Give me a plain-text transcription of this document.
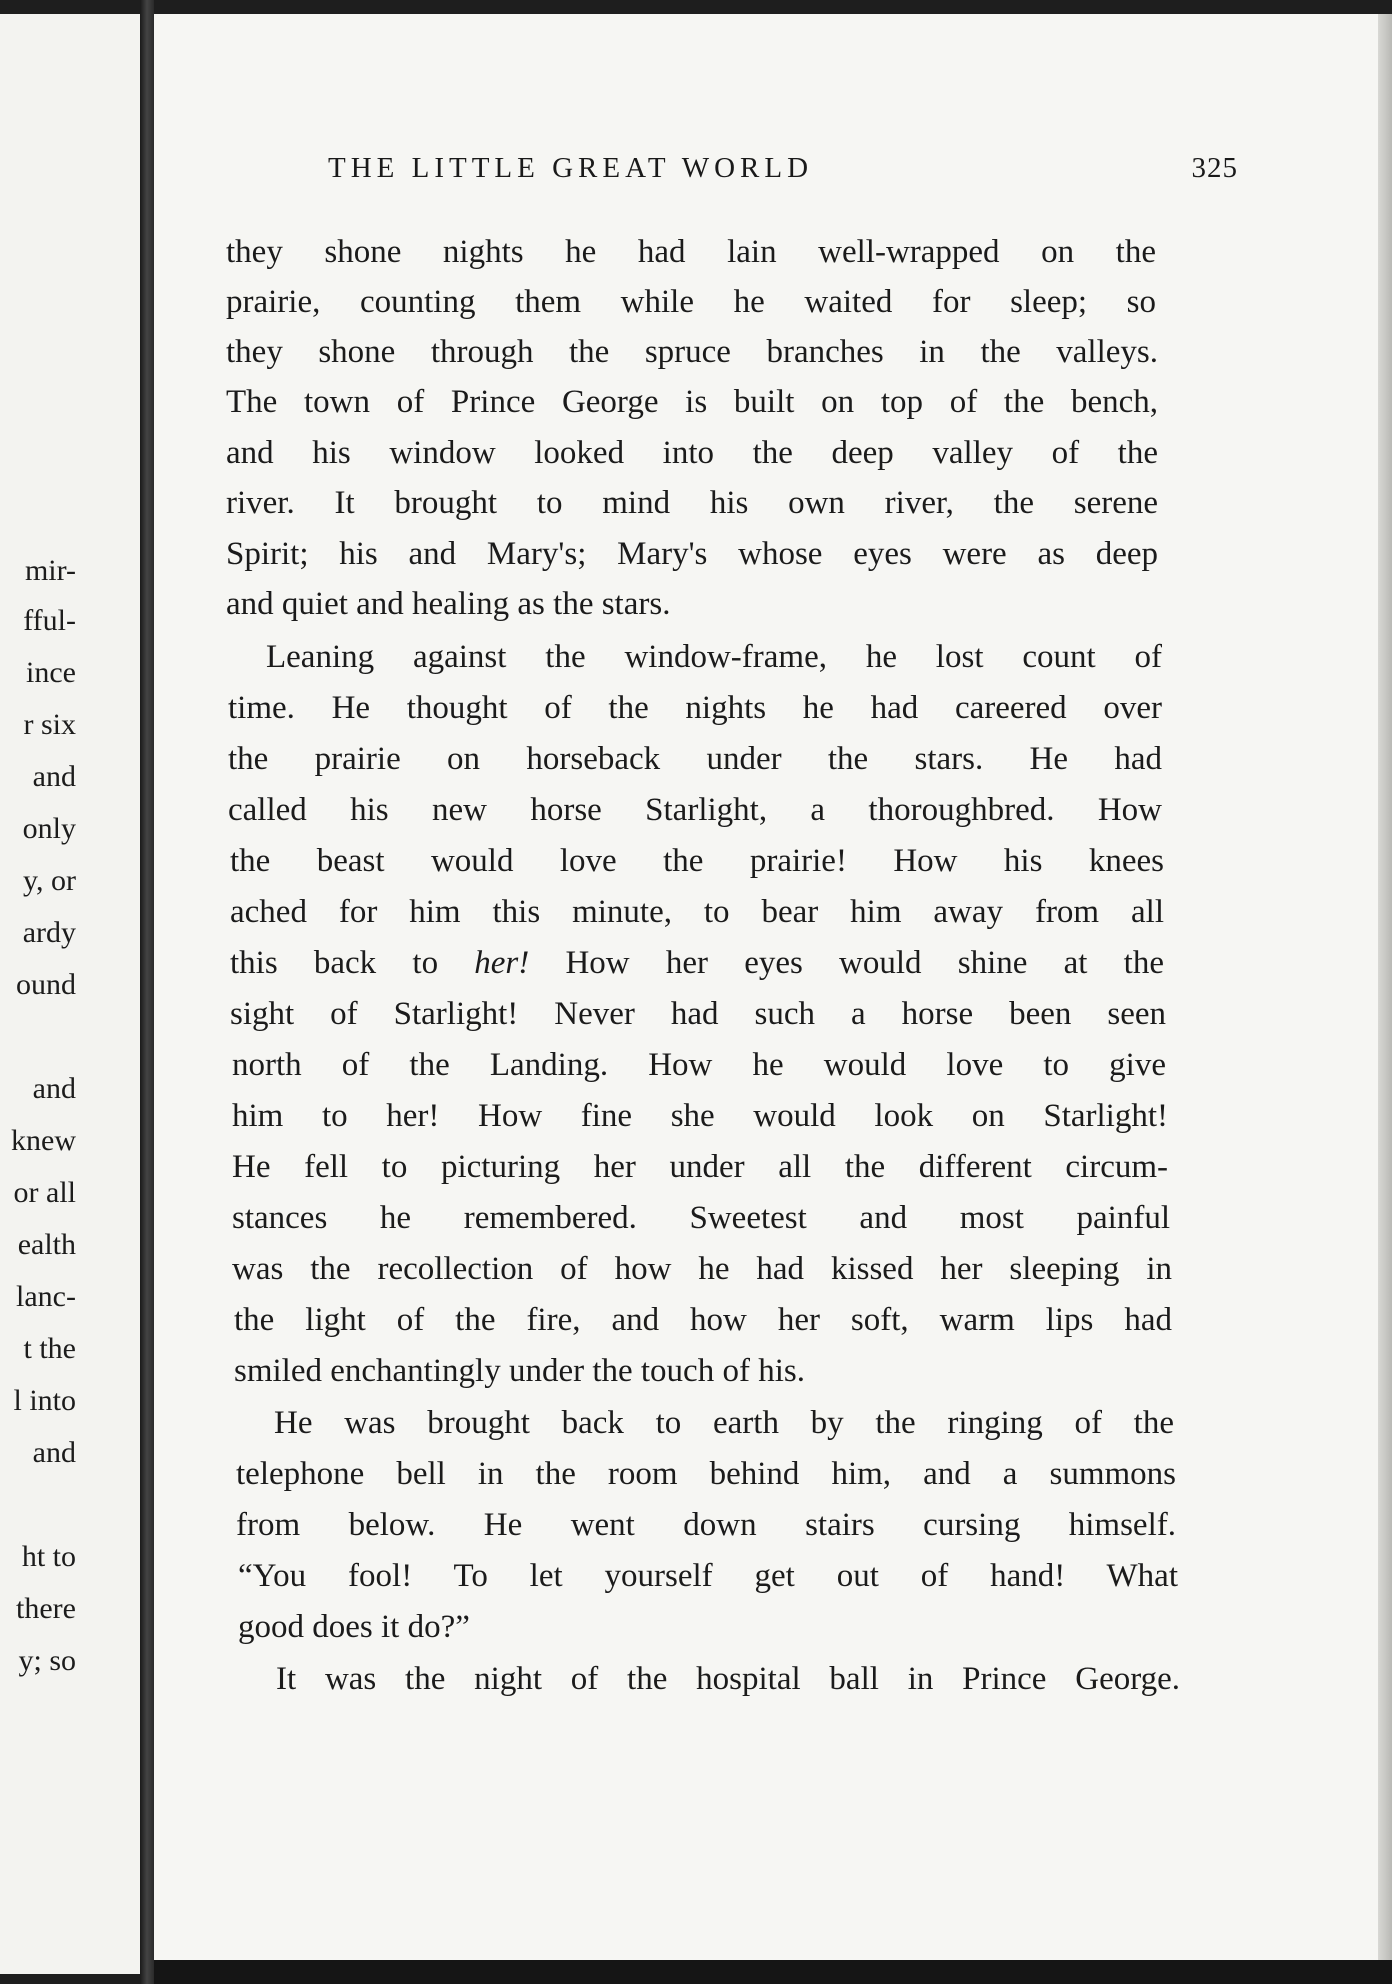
mir-
fful-
ince
r six
and
only
y, or
ardy
ound
and
knew
or all
ealth
lanc-
t the
l into
and
ht to
there
y; so
THE LITTLE GREAT WORLD	325
they shone nights he had lain well-wrapped on the
prairie, counting them while he waited for sleep; so
they shone through the spruce branches in the valleys.
The town of Prince George is built on top of the bench,
and his window looked into the deep valley of the
river. It brought to mind his own river, the serene
Spirit; his and Mary's; Mary's whose eyes were as deep
and quiet and healing as the stars.
Leaning against the window-frame, he lost count of
time. He thought of the nights he had careered over
the prairie on horseback under the stars. He had
called his new horse Starlight, a thoroughbred. How
the beast would love the prairie! How his knees
ached for him this minute, to bear him away from all
this back to her! How her eyes would shine at the
sight of Starlight! Never had such a horse been seen
north of the Landing. How he would love to give
him to her! How fine she would look on Starlight!
He fell to picturing her under all the different circum-
stances he remembered. Sweetest and most painful
was the recollection of how he had kissed her sleeping in
the light of the fire, and how her soft, warm lips had
smiled enchantingly under the touch of his.
He was brought back to earth by the ringing of the
telephone bell in the room behind him, and a summons
from below. He went down stairs cursing himself.
“You fool! To let yourself get out of hand! What
good does it do?”
It was the night of the hospital ball in Prince George.
